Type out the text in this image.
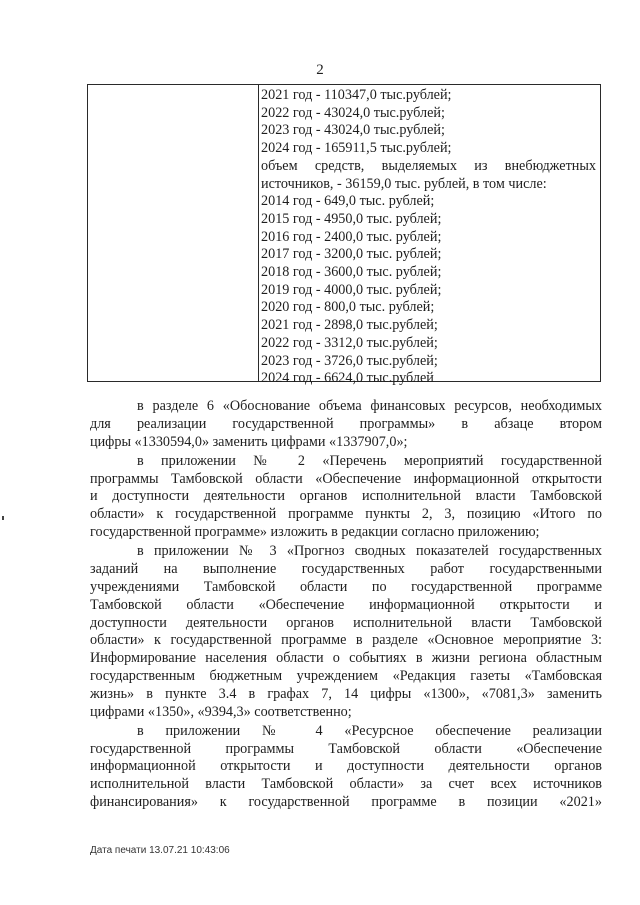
2
2021 год - 110347,0 тыс.рублей;
2022 год - 43024,0 тыс.рублей;
2023 год - 43024,0 тыс.рублей;
2024 год - 165911,5 тыс.рублей;
объем средств, выделяемых из внебюджетных
источников, - 36159,0 тыс. рублей, в том числе:
2014 год - 649,0 тыс. рублей;
2015 год - 4950,0 тыс. рублей;
2016 год - 2400,0 тыс. рублей;
2017 год - 3200,0 тыс. рублей;
2018 год - 3600,0 тыс. рублей;
2019 год - 4000,0 тыс. рублей;
2020 год - 800,0 тыс. рублей;
2021 год - 2898,0 тыс.рублей;
2022 год - 3312,0 тыс.рублей;
2023 год - 3726,0 тыс.рублей;
2024 год - 6624,0 тыс.рублей
в разделе 6 «Обоснование объема финансовых ресурсов, необходимых
для реализации государственной программы» в абзаце втором
цифры «1330594,0» заменить цифрами «1337907,0»;
в приложении № 2 «Перечень мероприятий государственной
программы Тамбовской области «Обеспечение информационной открытости
и доступности деятельности органов исполнительной власти Тамбовской
области» к государственной программе пункты 2, 3, позицию «Итого по
государственной программе» изложить в редакции согласно приложению;
в приложении № 3 «Прогноз сводных показателей государственных
заданий на выполнение государственных работ государственными
учреждениями Тамбовской области по государственной программе
Тамбовской области «Обеспечение информационной открытости и
доступности деятельности органов исполнительной власти Тамбовской
области» к государственной программе в разделе «Основное мероприятие 3:
Информирование населения области о событиях в жизни региона областным
государственным бюджетным учреждением «Редакция газеты «Тамбовская
жизнь» в пункте 3.4 в графах 7, 14 цифры «1300», «7081,3» заменить
цифрами «1350», «9394,3» соответственно;
в приложении № 4 «Ресурсное обеспечение реализации
государственной программы Тамбовской области «Обеспечение
информационной открытости и доступности деятельности органов
исполнительной власти Тамбовской области» за счет всех источников
финансирования» к государственной программе в позиции «2021»
Дата печати 13.07.21 10:43:06
